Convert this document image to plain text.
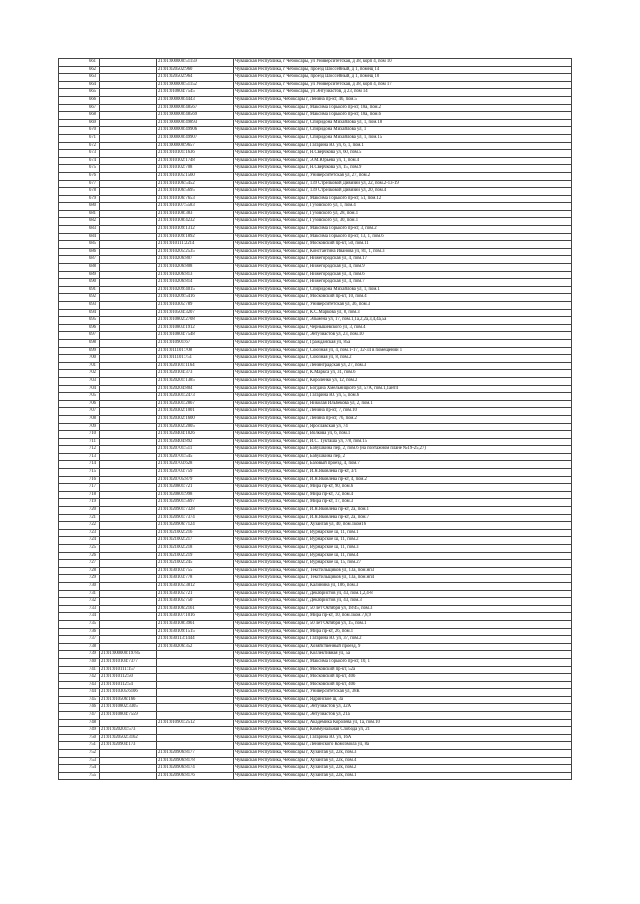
661		21:01:000000:51159	Чувашская Республика, г Чебоксары, ул Университетская, д 38, корп 4, пом 10
662		21:01:020502:960	Чувашская Республика, г Чебоксары, проезд Шоссейный, д 1, помещ 14
663		21:01:020502:964	Чувашская Республика, г Чебоксары, проезд Шоссейный, д 1, помещ 10
664		21:01:000000:51152	Чувашская Республика, г Чебоксары, ул Университетская, д 38, корп 4, пом 17
665		21:01:010804:7545	Чувашская Республика, г Чебоксары, ул Энтузиастов, д 23, пом 14
666		21:01:000000:4443	Чувашская Республика, Чебоксары г, Ленина пр-кт, 46, пом.5
667		21:01:000000:48567	Чувашская Республика, Чебоксары г, Максима Горького пр-кт, 18а, пом.2
668		21:01:000000:48569	Чувашская Республика, Чебоксары г, Максима Горького пр-кт, 18а, пом.6
669		21:01:000000:49893	Чувашская Республика, Чебоксары г, Спиридона Михайлова ул, 1, пом.18
670		21:01:000000:49906	Чувашская Республика, Чебоксары г, Спиридона Михайлова ул, 1
671		21:01:000000:49907	Чувашская Республика, Чебоксары г, Спиридона Михайлова ул, 1, пом.15
672		21:01:000000:9657	Чувашская Республика, Чебоксары г, Гагарина Ю. ул, 6, 1, пом.1
673		21:01:010101:1636	Чувашская Республика, Чебоксары г, Н.Сверчкова ул, 60, пом.5
674		21:01:010102:1748	Чувашская Республика, Чебоксары г, Э.М.Юрьева ул, 1, пом.4
675		21:01:010102:708	Чувашская Республика, Чебоксары г, Н.Сверчкова ул, 15, пом.9
676		21:01:010105:1560	Чувашская Республика, Чебоксары г, Университетская ул, 27, пом.2
677		21:01:010106:5452	Чувашская Республика, Чебоксары г, 139 Стрелковой Дивизии ул, 22, пом.2-13-19
678		21:01:010106:5695	Чувашская Республика, Чебоксары г, 139 Стрелковой Дивизии ул, 20, пом.4
679		21:01:010106:7653	Чувашская Республика, Чебоксары г, Максима Горького пр-кт, 51, пом.12
680		21:01:010107:5583	Чувашская Республика, Чебоксары г, Гузовского ул, 1, пом.4
681		21:01:010108:383	Чувашская Республика, Чебоксары г, Гузовского ул, 28, пом.1
682		21:01:010108:4232	Чувашская Республика, Чебоксары г, Гузовского ул, 30, пом.1
683		21:01:010109:1312	Чувашская Республика, Чебоксары г, Максима Горького пр-кт, 3, пом.2
684		21:01:010109:1892	Чувашская Республика, Чебоксары г, Максима Горького пр-кт, 13, 1, пом.6
685		21:01:010111:2214	Чувашская Республика, Чебоксары г, Московский пр-кт, 50, пом.11
686		21:01:010205:2535	Чувашская Республика, Чебоксары г, Константина Иванова ул, 81, 1, пом.3
687		21:01:010206:807	Чувашская Республика, Чебоксары г, Нижегородская ул, 4, пом.17
688		21:01:010206:808	Чувашская Республика, Чебоксары г, Нижегородская ул, 4, пом.9
689		21:01:010206:813	Чувашская Республика, Чебоксары г, Нижегородская ул, 4, пом.6
690		21:01:010206:814	Чувашская Республика, Чебоксары г, Нижегородская ул, 4, пом.7
691		21:01:010209:4015	Чувашская Республика, Чебоксары г, Спиридона Михайлова ул, 1, пом.1
692		21:01:010209:5416	Чувашская Республика, Чебоксары г, Московский пр-кт, 10, пом.4
693		21:01:010305:789	Чувашская Республика, Чебоксары г, Университетская ул, 36, пом.3
694		21:01:010504:3207	Чувашская Республика, Чебоксары г, К.С.Маркова ул, 8, пом.3
695		21:01:010802:2708	Чувашская Республика, Чебоксары г, Эльмена ул, 17, пом.1,1а,2,2а,3,4,4а,5а
696		21:01:010803:1912	Чувашская Республика, Чебоксары г, Чернышевского ул, 3, пом.4
697		21:01:010804:7548	Чувашская Республика, Чебоксары г, Энтузиастов ул, 23, пом.10
698		21:01:010901:67	Чувашская Республика, Чебоксары г, Гражданская ул, 85а
699		21:01:011101:708	Чувашская Республика, Чебоксары г, Союзная ул, 4, пом.1-17, 32-34 в помещении 1
700		21:01:011101:751	Чувашская Республика, Чебоксары г, Союзная ул, 8, пом.2
701		21:01:020101:1164	Чувашская Республика, Чебоксары г, Ленинградская ул, 27, пом.3
702		21:01:020104:373	Чувашская Республика, Чебоксары г, К.Маркса ул, 31, пом.6
703		21:01:020201:1385	Чувашская Республика, Чебоксары г, Короленко ул, 12, пом.2
704		21:01:020204:804	Чувашская Республика, Чебоксары г, Богдана Хмельницкого ул, 57А, пом.1,1ант4
705		21:01:020301:2473	Чувашская Республика, Чебоксары г, Гагарина Ю. ул, 5, пом.6
706		21:01:020301:2867	Чувашская Республика, Чебоксары г, Николая Ильбекова ул, 2, пом.1
707		21:01:020302:1001	Чувашская Республика, Чебоксары г, Ленина пр-кт, 7, пом.10
708		21:01:020302:1600	Чувашская Республика, Чебоксары г, Ленина пр-кт, 76, пом.2
709		21:01:020302:2005	Чувашская Республика, Чебоксары г, Ярославская ул, 74
710		21:01:020404:1826	Чувашская Республика, Чебоксары г, Волкова ул, 6, пом.1
711		21:01:020404:892	Чувашская Республика, Чебоксары г, И.С. Тукташа ул, 7/8, пом.15
712		21:01:020701:511	Чувашская Республика, Чебоксары г, Бабушкина пер, 2, пом.6 (на поэтажном плане №19-25,27)
713		21:01:020701:545	Чувашская Республика, Чебоксары г, Бабушкина пер, 2
714		21:01:020703:628	Чувашская Республика, Чебоксары г, Базовый проезд, 4, пом.7
715		21:01:020703:759	Чувашская Республика, Чебоксары г, И.Я.Яковлева пр-кт, 3/1
716		21:01:020705:879	Чувашская Республика, Чебоксары г, И.Я.Яковлева пр-кт, 4, пом.2
717		21:01:020801:721	Чувашская Республика, Чебоксары г, Мира пр-кт, 90, пом.6
718		21:01:020801:998	Чувашская Республика, Чебоксары г, Мира пр-кт, 72, пом.4
719		21:01:020901:5697	Чувашская Республика, Чебоксары г, Мира пр-кт, 17, пом.3
720		21:01:020901:7328	Чувашская Республика, Чебоксары г, И.Я.Яковлева пр-кт, 2а, пом.1
721		21:01:020901:7374	Чувашская Республика, Чебоксары г, И.Я.Яковлева пр-кт, 2а, пом.7
722		21:01:020906:7124	Чувашская Республика, Чебоксары г, Хузангая ул, 40, пом.1ком16
723		21:01:021002:216	Чувашская Республика, Чебоксары г, Вурнарское ш, 11, пом.1
724		21:01:021002:217	Чувашская Республика, Чебоксары г, Вурнарское ш, 11, пом.2
725		21:01:021002:218	Чувашская Республика, Чебоксары г, Вурнарское ш, 11, пом.3
726		21:01:021002:219	Чувашская Республика, Чебоксары г, Вурнарское ш, 11, пом.4
727		21:01:021002:245	Чувашская Республика, Чебоксары г, Вурнарское ш, 15, пом.27
728		21:01:030103:755	Чувашская Республика, Чебоксары г, Текстильщиков ул, 13а, пом.нп3
729		21:01:030103:778	Чувашская Республика, Чебоксары г, Текстильщиков ул, 13а, пом.нп4
730		21:01:030105:3812	Чувашская Республика, Чебоксары г, Калинина ул, 106, пом.3
731		21:01:030105:721	Чувашская Республика, Чебоксары г, Декабристов ул, 43, пом.1,2,4-8
732		21:01:030105:750	Чувашская Республика, Чебоксары г, Декабристов ул, 43, пом.3
733		21:01:030106:2161	Чувашская Республика, Чебоксары г, 50 лет Октября ул, 18/45, пом.3
734		21:01:030107:1016	Чувашская Республика, Чебоксары г, Мира пр-кт, 10, пом.1ком.7,8,9
735		21:01:030108:3961	Чувашская Республика, Чебоксары г, 50 лет Октября ул, 15, пом.1
736		21:01:030109:1515	Чувашская Республика, Чебоксары г, Мира пр-кт, 26, пом.1
737		21:01:030113:1444	Чувашская Республика, Чебоксары г, Гагарина Ю. ул, 37, пом.2
738		21:01:030206:352	Чувашская Республика, Чебоксары г, Хозяйственный проезд, 9
739	21:01:000000:19785		Чувашская Республика, Чебоксары г, Коллективная ул, 5а
740	21:01:010104:7377		Чувашская Республика, Чебоксары г, Максима Горького пр-кт, 10, 1
741	21:01:010111:157		Чувашская Республика, Чебоксары г, Московский пр-кт, 52а
742	21:01:010112:50		Чувашская Республика, Чебоксары г, Московский пр-кт, 40б
743	21:01:010112:54		Чувашская Республика, Чебоксары г, Московский пр-кт, 40б
744	21:01:010305:6106		Чувашская Республика, Чебоксары г, Университетская ул, 38К
745	21:01:010506:166		Чувашская Республика, Чебоксары г, Ядринское ш, 3а
746	21:01:010802:3305		Чувашская Республика, Чебоксары г, Энтузиастов ул, 32А
747	21:01:010804:7559		Чувашская Республика, Чебоксары г, Энтузиастов ул, 21а
748		21:01:010901:2512	Чувашская Республика, Чебоксары г, Академика Королева ул, 1а, пом.10
749	21:01:020201:573		Чувашская Республика, Чебоксары г, Коммунальная Слобода ул, 21
750	21:01:020502:3162		Чувашская Республика, Чебоксары г, Гагарина Ю. ул, 16А
751	21:01:020904:173		Чувашская Республика, Чебоксары г, Ленинского Комсомола ул, 8а
752		21:01:020906:8177	Чувашская Республика, Чебоксары г, Хузангая ул, 22к, пом.3
753		21:01:020906:8178	Чувашская Республика, Чебоксары г, Хузангая ул, 22к, пом.4
754		21:01:020906:8174	Чувашская Республика, Чебоксары г, Хузангая ул, 22к, пом.2
755		21:01:020906:8176	Чувашская Республика, Чебоксары г, Хузангая ул, 22к, пом.1
